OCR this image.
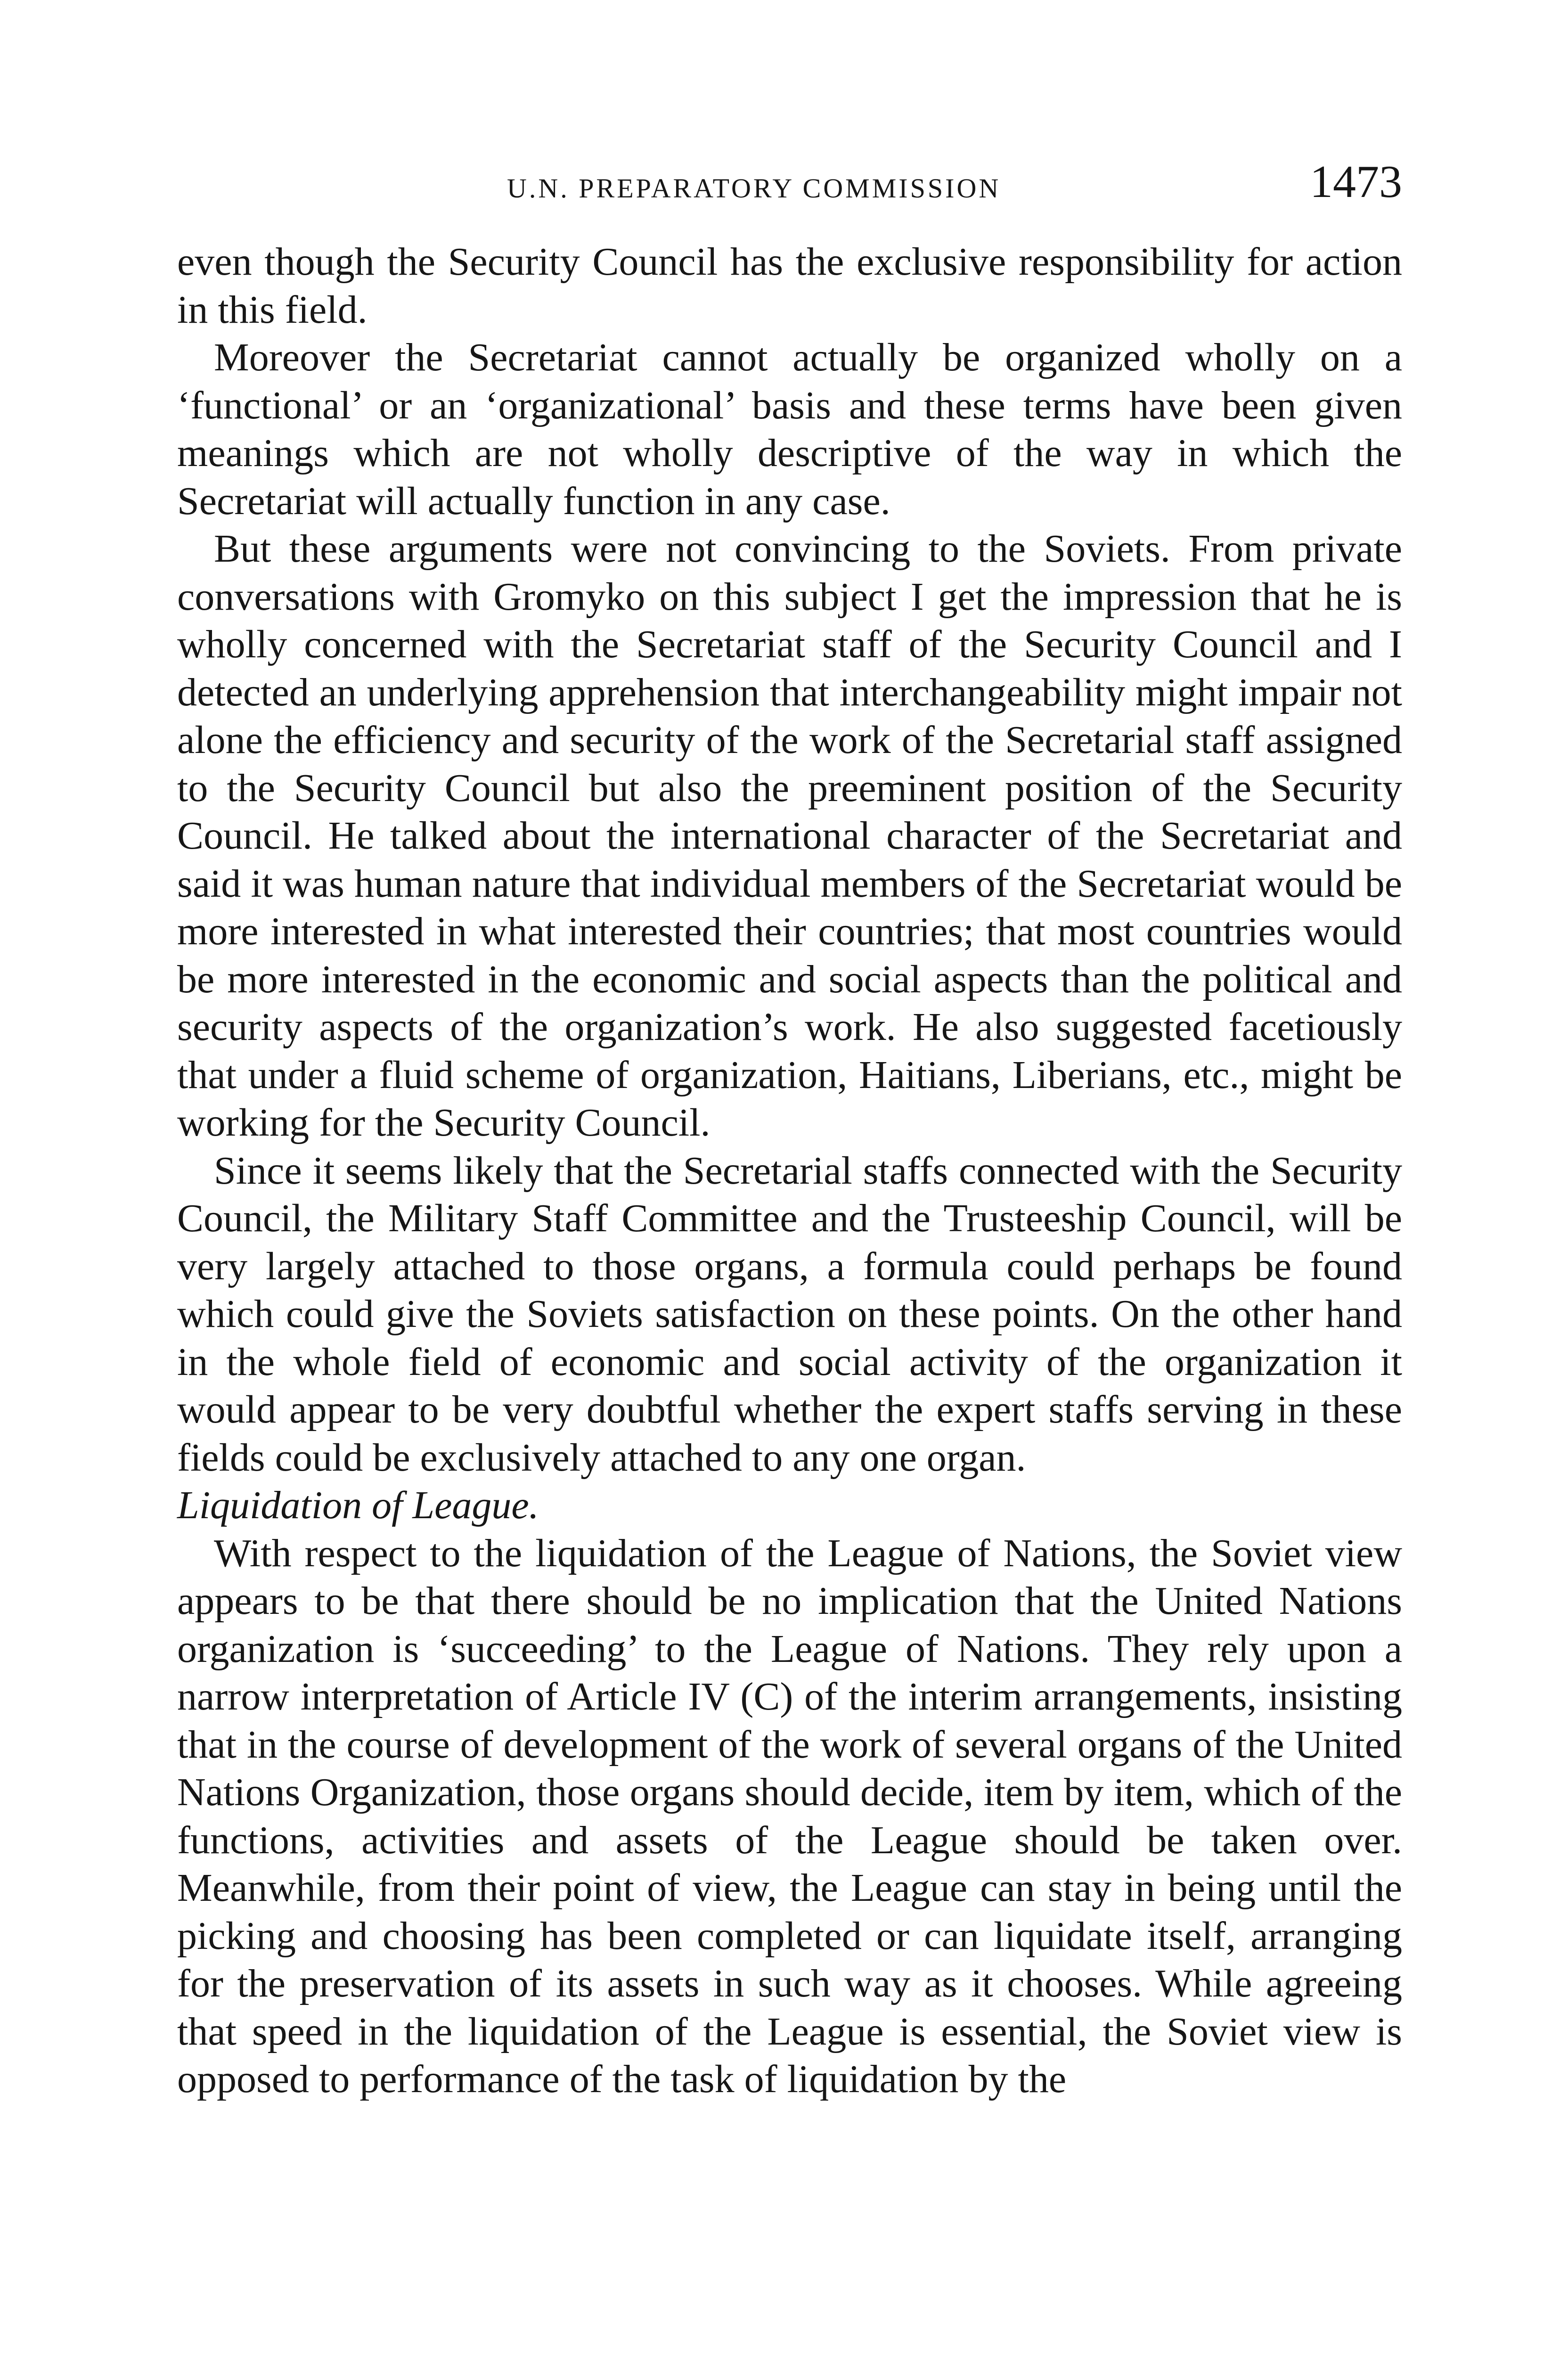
U.N. PREPARATORY COMMISSION	1473

even though the Security Council has the exclusive responsibility for action in this field.

Moreover the Secretariat cannot actually be organized wholly on a ‘functional’ or an ‘organizational’ basis and these terms have been given meanings which are not wholly descriptive of the way in which the Secretariat will actually function in any case.

But these arguments were not convincing to the Soviets. From private conversations with Gromyko on this subject I get the impression that he is wholly concerned with the Secretariat staff of the Security Council and I detected an underlying apprehension that interchangeability might impair not alone the efficiency and security of the work of the Secretarial staff assigned to the Security Council but also the preeminent position of the Security Council. He talked about the international character of the Secretariat and said it was human nature that individual members of the Secretariat would be more interested in what interested their countries; that most countries would be more interested in the economic and social aspects than the political and security aspects of the organization’s work. He also suggested facetiously that under a fluid scheme of organization, Haitians, Liberians, etc., might be working for the Security Council.

Since it seems likely that the Secretarial staffs connected with the Security Council, the Military Staff Committee and the Trusteeship Council, will be very largely attached to those organs, a formula could perhaps be found which could give the Soviets satisfaction on these points. On the other hand in the whole field of economic and social activity of the organization it would appear to be very doubtful whether the expert staffs serving in these fields could be exclusively attached to any one organ.

Liquidation of League.

With respect to the liquidation of the League of Nations, the Soviet view appears to be that there should be no implication that the United Nations organization is ‘succeeding’ to the League of Nations. They rely upon a narrow interpretation of Article IV (C) of the interim arrangements, insisting that in the course of development of the work of several organs of the United Nations Organization, those organs should decide, item by item, which of the functions, activities and assets of the League should be taken over. Meanwhile, from their point of view, the League can stay in being until the picking and choosing has been completed or can liquidate itself, arranging for the preservation of its assets in such way as it chooses. While agreeing that speed in the liquidation of the League is essential, the Soviet view is opposed to performance of the task of liquidation by the
